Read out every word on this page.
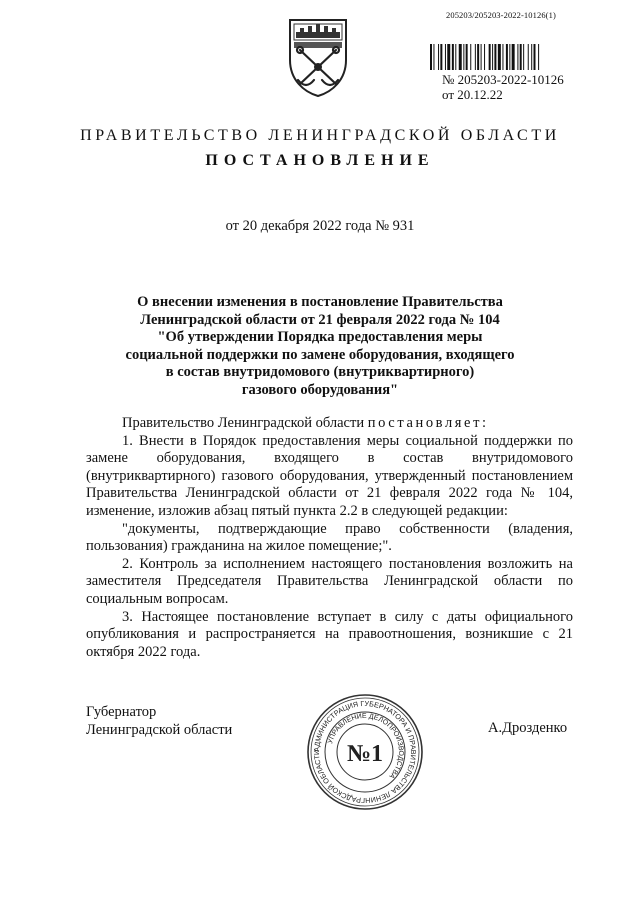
205203/205203-2022-10126(1)
№ 205203-2022-10126
от 20.12.22
ПРАВИТЕЛЬСТВО ЛЕНИНГРАДСКОЙ ОБЛАСТИ
ПОСТАНОВЛЕНИЕ
от 20 декабря 2022 года № 931
О внесении изменения в постановление Правительства
Ленинградской области от 21 февраля 2022 года № 104
"Об утверждении Порядка предоставления меры
социальной поддержки по замене оборудования, входящего
в состав внутридомового (внутриквартирного)
газового оборудования"

Правительство Ленинградской области постановляет:

1. Внести в Порядок предоставления меры социальной поддержки по замене оборудования, входящего в состав внутридомового (внутриквартирного) газового оборудования, утвержденный постановлением Правительства Ленинградской области от 21 февраля 2022 года № 104, изменение, изложив абзац пятый пункта 2.2 в следующей редакции:

"документы, подтверждающие право собственности (владения, пользования) гражданина на жилое помещение;".

2. Контроль за исполнением настоящего постановления возложить на заместителя Председателя Правительства Ленинградской области по социальным вопросам.

3. Настоящее постановление вступает в силу с даты официального опубликования и распространяется на правоотношения, возникшие с 21 октября 2022 года.

Губернатор
Ленинградской области	А.Дрозденко
АДМИНИСТРАЦИЯ ГУБЕРНАТОРА И ПРАВИТЕЛЬСТВА ЛЕНИНГРАДСКОЙ ОБЛАСТИ
УПРАВЛЕНИЕ ДЕЛОПРОИЗВОДСТВА
№1
